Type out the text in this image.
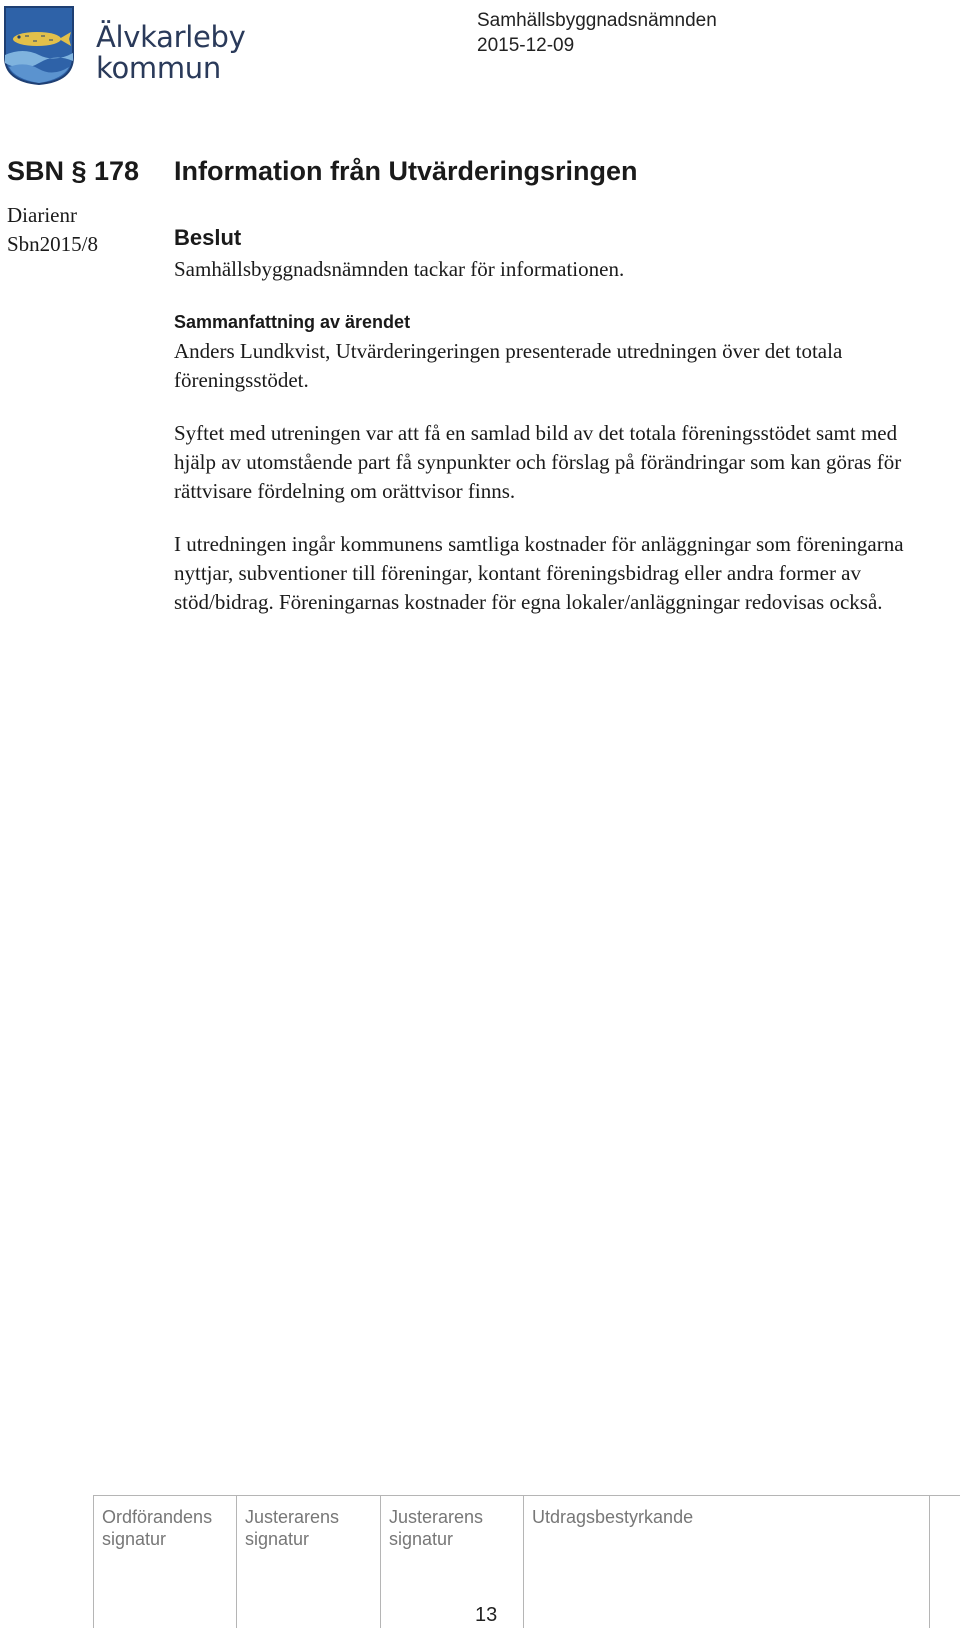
Älvkarleby
kommun
Samhällsbyggnadsnämnden
2015-12-09
SBN § 178 Information från Utvärderingsringen
Diarienr
Sbn2015/8	Beslut

Samhällsbyggnadsnämnden tackar för informationen.

Sammanfattning av ärendet

Anders Lundkvist, Utvärderingeringen presenterade utredningen över det totala föreningsstödet.

Syftet med utreningen var att få en samlad bild av det totala föreningsstödet samt med hjälp av utomstående part få synpunkter och förslag på förändringar som kan göras för rättvisare fördelning om orättvisor finns.

I utredningen ingår kommunens samtliga kostnader för anläggningar som föreningarna nyttjar, subventioner till föreningar, kontant föreningsbidrag eller andra former av stöd/bidrag. Föreningarnas kostnader för egna lokaler/anläggningar redovisas också.

Ordförandens
signatur
Justerarens
signatur
Justerarens
signatur
Utdragsbestyrkande
13
